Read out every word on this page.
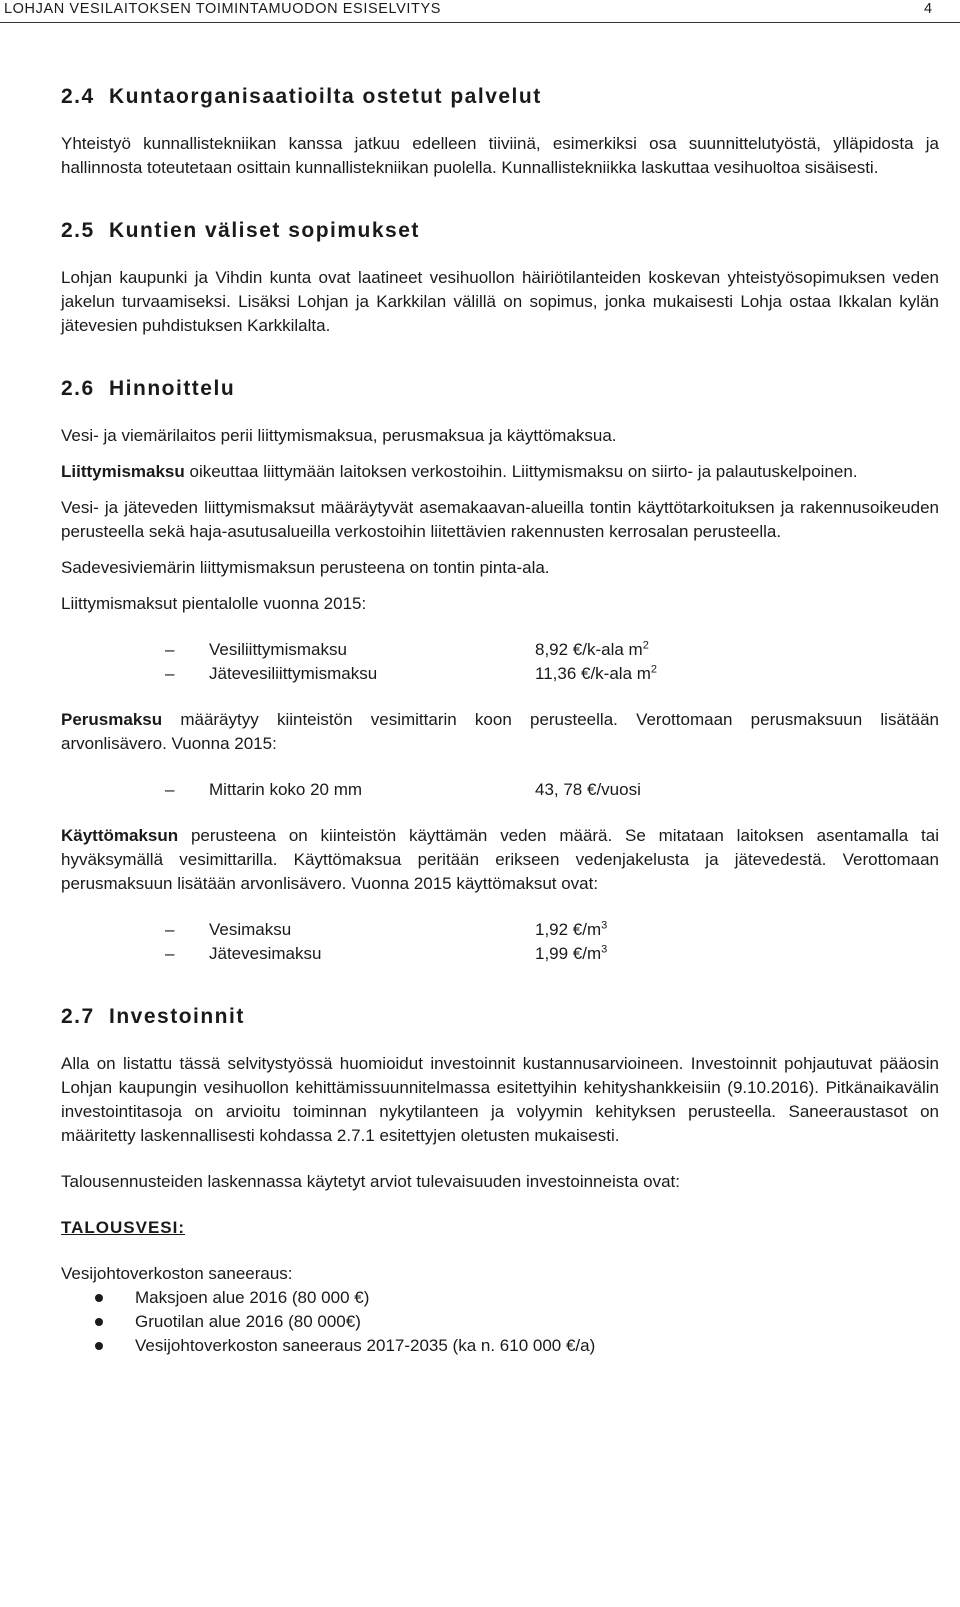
LOHJAN VESILAITOKSEN TOIMINTAMUODON ESISELVITYS	4
2.4 Kuntaorganisaatioilta ostetut palvelut

Yhteistyö kunnallistekniikan kanssa jatkuu edelleen tiiviinä, esimerkiksi osa suunnittelutyöstä, ylläpidosta ja hallinnosta toteutetaan osittain kunnallistekniikan puolella. Kunnallistekniikka laskuttaa vesihuoltoa sisäisesti.

2.5 Kuntien väliset sopimukset

Lohjan kaupunki ja Vihdin kunta ovat laatineet vesihuollon häiriötilanteiden koskevan yhteistyösopimuksen veden jakelun turvaamiseksi. Lisäksi Lohjan ja Karkkilan välillä on sopimus, jonka mukaisesti Lohja ostaa Ikkalan kylän jätevesien puhdistuksen Karkkilalta.

2.6 Hinnoittelu

Vesi- ja viemärilaitos perii liittymismaksua, perusmaksua ja käyttömaksua.

Liittymismaksu oikeuttaa liittymään laitoksen verkostoihin. Liittymismaksu on siirto- ja palautuskelpoinen.

Vesi- ja jäteveden liittymismaksut määräytyvät asemakaavan-alueilla tontin käyttötarkoituksen ja rakennusoikeuden perusteella sekä haja-asutusalueilla verkostoihin liitettävien rakennusten kerrosalan perusteella.

Sadevesiviemärin liittymismaksun perusteena on tontin pinta-ala.

Liittymismaksut pientalolle vuonna 2015:

– Vesiliittymismaksu	8,92 €/k-ala $m^2$
– Jätevesiliittymismaksu	11,36 €/k-ala $m^2$

Perusmaksu määräytyy kiinteistön vesimittarin koon perusteella. Verottomaan perusmaksuun lisätään arvonlisävero. Vuonna 2015:

– Mittarin koko 20 mm	43, 78 €/vuosi

Käyttömaksun perusteena on kiinteistön käyttämän veden määrä. Se mitataan laitoksen asentamalla tai hyväksymällä vesimittarilla. Käyttömaksua peritään erikseen vedenjakelusta ja jätevedestä. Verottomaan perusmaksuun lisätään arvonlisävero. Vuonna 2015 käyttömaksut ovat:

– Vesimaksu	1,92 $€/m^3$
– Jätevesimaksu	1,99 $€/m^3$
2.7 Investoinnit

Alla on listattu tässä selvitystyössä huomioidut investoinnit kustannusarvioineen. Investoinnit pohjautuvat pääosin Lohjan kaupungin vesihuollon kehittämissuunnitelmassa esitettyihin kehityshankkeisiin (9.10.2016). Pitkänaikavälin investointitasoja on arvioitu toiminnan nykytilanteen ja volyymin kehityksen perusteella. Saneeraustasot on määritetty laskennallisesti kohdassa 2.7.1 esitettyjen oletusten mukaisesti.

Talousennusteiden laskennassa käytetyt arviot tulevaisuuden investoinneista ovat:

TALOUSVESI:

Vesijohtoverkoston saneeraus:

Maksjoen alue 2016 (80 000 €)
Gruotilan alue 2016 (80 000€)
Vesijohtoverkoston saneeraus 2017-2035 (ka n. 610 000 €/a)
